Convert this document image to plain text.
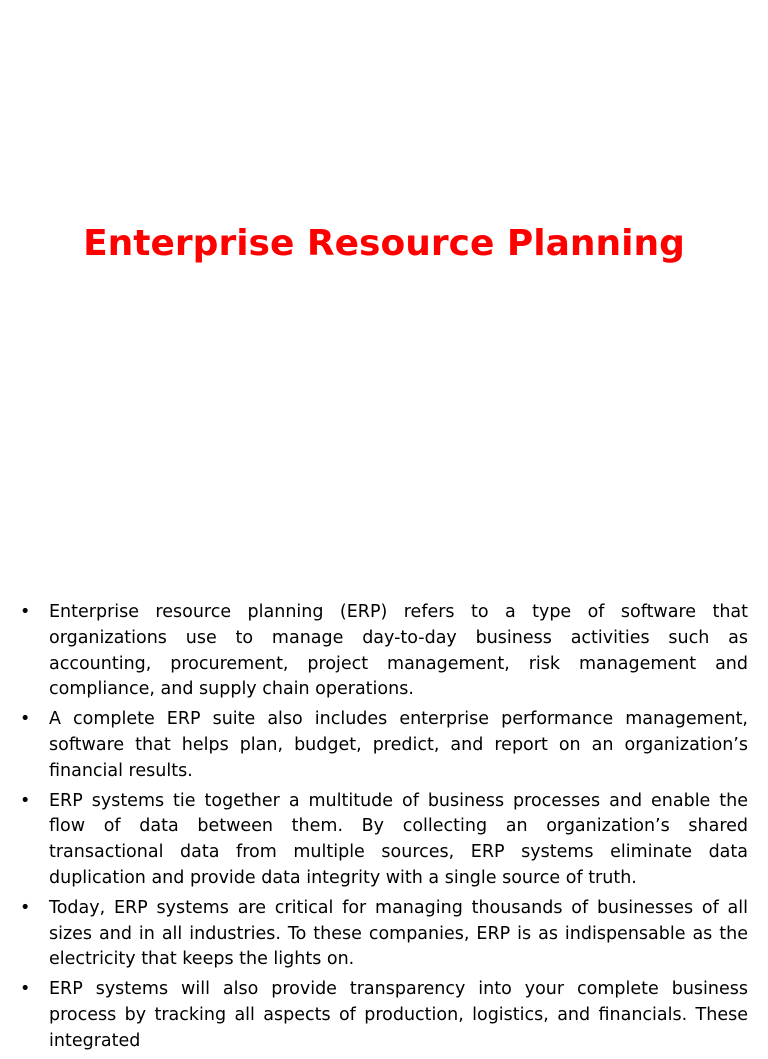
Enterprise Resource Planning
• Enterprise resource planning (ERP) refers to a type of software that organizations use to manage day-to-day business activities such as accounting, procurement, project management, risk management and compliance, and supply chain operations.
• A complete ERP suite also includes enterprise performance management, software that helps plan, budget, predict, and report on an organization’s financial results.
• ERP systems tie together a multitude of business processes and enable the flow of data between them. By collecting an organization’s shared transactional data from multiple sources, ERP systems eliminate data duplication and provide data integrity with a single source of truth.
• Today, ERP systems are critical for managing thousands of businesses of all sizes and in all industries. To these companies, ERP is as indispensable as the electricity that keeps the lights on.
• ERP systems will also provide transparency into your complete business process by tracking all aspects of production, logistics, and financials. These integrated
